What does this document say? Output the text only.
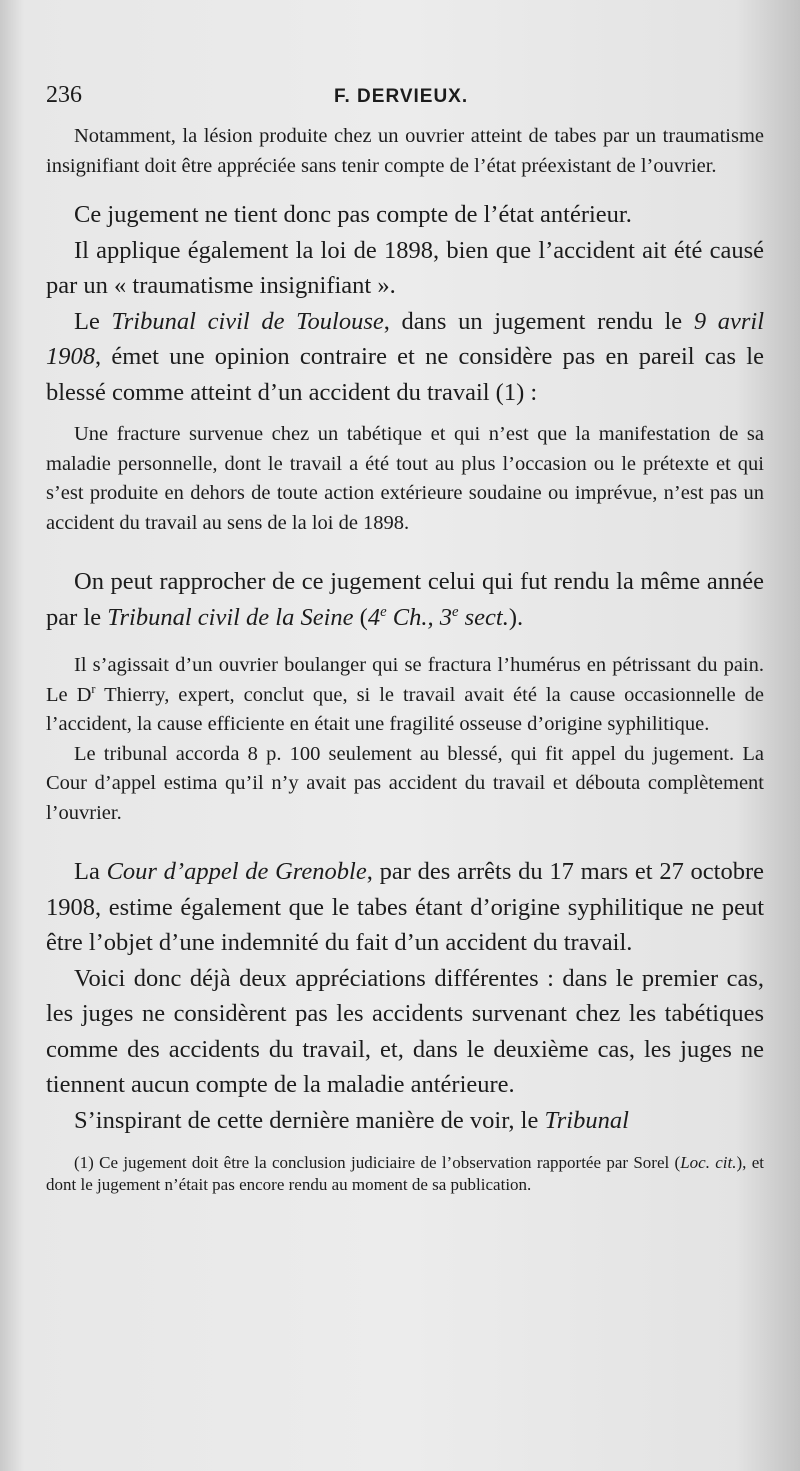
236	F. DERVIEUX.

Notamment, la lésion produite chez un ouvrier atteint de tabes par un traumatisme insignifiant doit être appréciée sans tenir compte de l’état préexistant de l’ouvrier.

Ce jugement ne tient donc pas compte de l’état antérieur.

Il applique également la loi de 1898, bien que l’accident ait été causé par un « traumatisme insignifiant ».

Le Tribunal civil de Toulouse, dans un jugement rendu le 9 avril 1908, émet une opinion contraire et ne considère pas en pareil cas le blessé comme atteint d’un accident du travail (1) :

Une fracture survenue chez un tabétique et qui n’est que la manifestation de sa maladie personnelle, dont le travail a été tout au plus l’occasion ou le prétexte et qui s’est produite en dehors de toute action extérieure soudaine ou imprévue, n’est pas un accident du travail au sens de la loi de 1898.

On peut rapprocher de ce jugement celui qui fut rendu la même année par le Tribunal civil de la Seine (4e Ch., 3e sect.).

Il s’agissait d’un ouvrier boulanger qui se fractura l’humérus en pétrissant du pain. Le $D^r$ Thierry, expert, conclut que, si le travail avait été la cause occasionnelle de l’accident, la cause efficiente en était une fragilité osseuse d’origine syphilitique.

Le tribunal accorda 8 p. 100 seulement au blessé, qui fit appel du jugement. La Cour d’appel estima qu’il n’y avait pas accident du travail et débouta complètement l’ouvrier.

La Cour d’appel de Grenoble, par des arrêts du 17 mars et 27 octobre 1908, estime également que le tabes étant d’origine syphilitique ne peut être l’objet d’une indemnité du fait d’un accident du travail.

Voici donc déjà deux appréciations différentes : dans le premier cas, les juges ne considèrent pas les accidents survenant chez les tabétiques comme des accidents du travail, et, dans le deuxième cas, les juges ne tiennent aucun compte de la maladie antérieure.

S’inspirant de cette dernière manière de voir, le Tribunal

(1) Ce jugement doit être la conclusion judiciaire de l’observation rapportée par Sorel (Loc. cit.), et dont le jugement n’était pas encore rendu au moment de sa publication.
